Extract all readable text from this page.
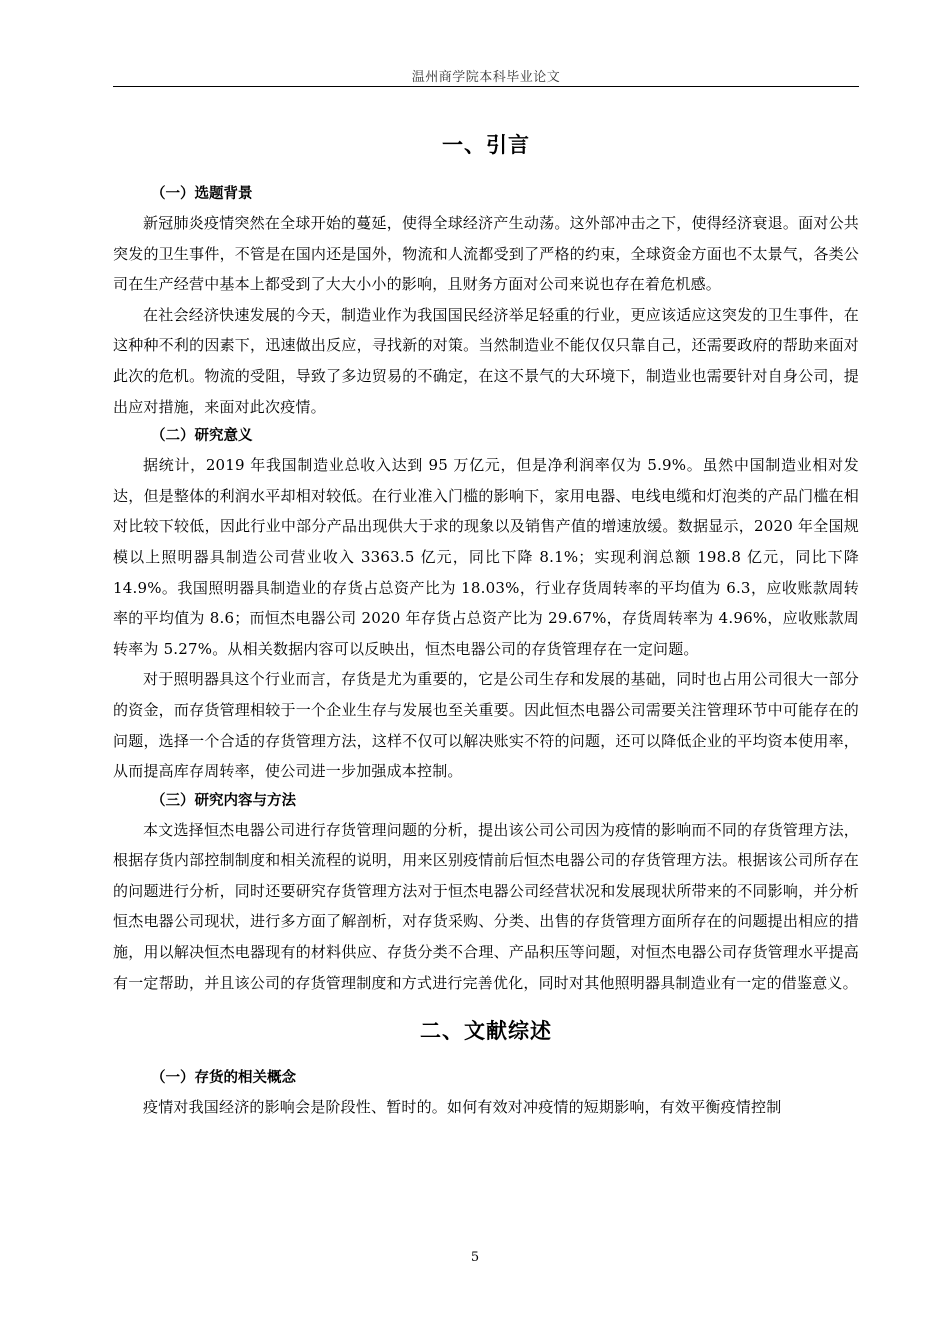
温州商学院本科毕业论文
一、引言
（一）选题背景

新冠肺炎疫情突然在全球开始的蔓延，使得全球经济产生动荡。这外部冲击之下，使得经济衰退。面对公共突发的卫生事件，不管是在国内还是国外，物流和人流都受到了严格的约束，全球资金方面也不太景气，各类公司在生产经营中基本上都受到了大大小小的影响，且财务方面对公司来说也存在着危机感。

在社会经济快速发展的今天，制造业作为我国国民经济举足轻重的行业，更应该适应这突发的卫生事件，在这种种不利的因素下，迅速做出反应，寻找新的对策。当然制造业不能仅仅只靠自己，还需要政府的帮助来面对此次的危机。物流的受阻，导致了多边贸易的不确定，在这不景气的大环境下，制造业也需要针对自身公司，提出应对措施，来面对此次疫情。

（二）研究意义

据统计，2019 年我国制造业总收入达到 95 万亿元，但是净利润率仅为 5.9%。虽然中国制造业相对发达，但是整体的利润水平却相对较低。在行业准入门槛的影响下，家用电器、电线电缆和灯泡类的产品门槛在相对比较下较低，因此行业中部分产品出现供大于求的现象以及销售产值的增速放缓。数据显示，2020 年全国规模以上照明器具制造公司营业收入 3363.5 亿元，同比下降 8.1%；实现利润总额 198.8 亿元，同比下降 14.9%。我国照明器具制造业的存货占总资产比为 18.03%，行业存货周转率的平均值为 6.3，应收账款周转率的平均值为 8.6；而恒杰电器公司 2020 年存货占总资产比为 29.67%，存货周转率为 4.96%，应收账款周转率为 5.27%。从相关数据内容可以反映出，恒杰电器公司的存货管理存在一定问题。

对于照明器具这个行业而言，存货是尤为重要的，它是公司生存和发展的基础，同时也占用公司很大一部分的资金，而存货管理相较于一个企业生存与发展也至关重要。因此恒杰电器公司需要关注管理环节中可能存在的问题，选择一个合适的存货管理方法，这样不仅可以解决账实不符的问题，还可以降低企业的平均资本使用率，从而提高库存周转率，使公司进一步加强成本控制。

（三）研究内容与方法

本文选择恒杰电器公司进行存货管理问题的分析，提出该公司公司因为疫情的影响而不同的存货管理方法，根据存货内部控制制度和相关流程的说明，用来区别疫情前后恒杰电器公司的存货管理方法。根据该公司所存在的问题进行分析，同时还要研究存货管理方法对于恒杰电器公司经营状况和发展现状所带来的不同影响，并分析恒杰电器公司现状，进行多方面了解剖析，对存货采购、分类、出售的存货管理方面所存在的问题提出相应的措施，用以解决恒杰电器现有的材料供应、存货分类不合理、产品积压等问题，对恒杰电器公司存货管理水平提高有一定帮助，并且该公司的存货管理制度和方式进行完善优化，同时对其他照明器具制造业有一定的借鉴意义。

二、文献综述
（一）存货的相关概念

疫情对我国经济的影响会是阶段性、暂时的。如何有效对冲疫情的短期影响，有效平衡疫情控制

5
